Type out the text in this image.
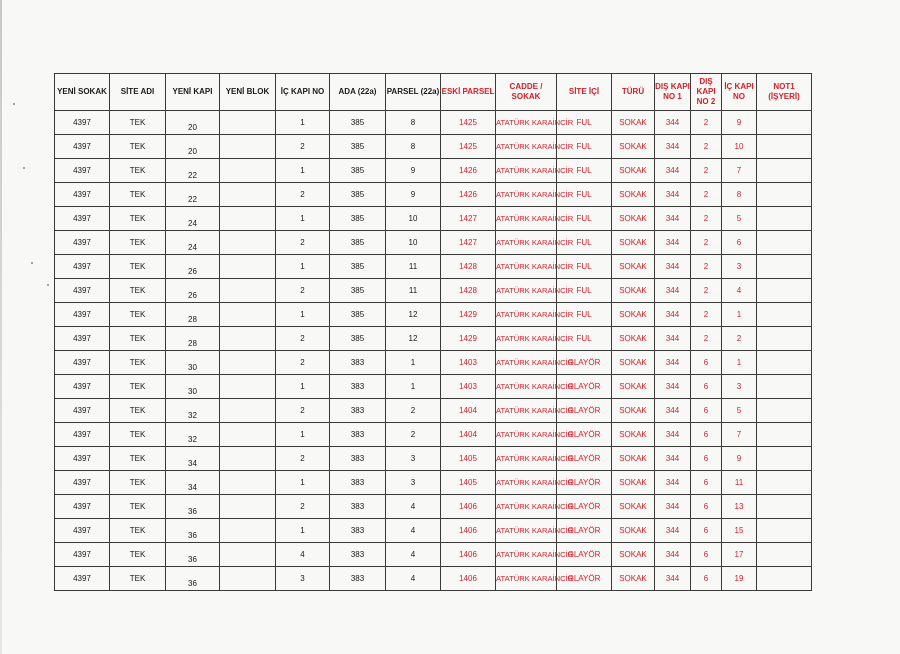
YENİ SOKAK	SİTE ADI	YENİ KAPI	YENİ BLOK	İÇ KAPI NO	ADA (22a)	PARSEL (22a)	ESKİ PARSEL	CADDE / SOKAK	SİTE İÇİ	TÜRÜ	DIŞ KAPI NO 1	DIŞ KAPI NO 2	İÇ KAPI NO	NOT1 (İŞYERİ)
4397	TEK	20		1	385	8	1425	ATATÜRK KARAİNCİR	FUL	SOKAK	344	2	9	
4397	TEK	20		2	385	8	1425	ATATÜRK KARAİNCİR	FUL	SOKAK	344	2	10	
4397	TEK	22		1	385	9	1426	ATATÜRK KARAİNCİR	FUL	SOKAK	344	2	7	
4397	TEK	22		2	385	9	1426	ATATÜRK KARAİNCİR	FUL	SOKAK	344	2	8	
4397	TEK	24		1	385	10	1427	ATATÜRK KARAİNCİR	FUL	SOKAK	344	2	5	
4397	TEK	24		2	385	10	1427	ATATÜRK KARAİNCİR	FUL	SOKAK	344	2	6	
4397	TEK	26		1	385	11	1428	ATATÜRK KARAİNCİR	FUL	SOKAK	344	2	3	
4397	TEK	26		2	385	11	1428	ATATÜRK KARAİNCİR	FUL	SOKAK	344	2	4	
4397	TEK	28		1	385	12	1429	ATATÜRK KARAİNCİR	FUL	SOKAK	344	2	1	
4397	TEK	28		2	385	12	1429	ATATÜRK KARAİNCİR	FUL	SOKAK	344	2	2	
4397	TEK	30		2	383	1	1403	ATATÜRK KARAİNCİR	GLAYÖR	SOKAK	344	6	1	
4397	TEK	30		1	383	1	1403	ATATÜRK KARAİNCİR	GLAYÖR	SOKAK	344	6	3	
4397	TEK	32		2	383	2	1404	ATATÜRK KARAİNCİR	GLAYÖR	SOKAK	344	6	5	
4397	TEK	32		1	383	2	1404	ATATÜRK KARAİNCİR	GLAYÖR	SOKAK	344	6	7	
4397	TEK	34		2	383	3	1405	ATATÜRK KARAİNCİR	GLAYÖR	SOKAK	344	6	9	
4397	TEK	34		1	383	3	1405	ATATÜRK KARAİNCİR	GLAYÖR	SOKAK	344	6	11	
4397	TEK	36		2	383	4	1406	ATATÜRK KARAİNCİR	GLAYÖR	SOKAK	344	6	13	
4397	TEK	36		1	383	4	1406	ATATÜRK KARAİNCİR	GLAYÖR	SOKAK	344	6	15	
4397	TEK	36		4	383	4	1406	ATATÜRK KARAİNCİR	GLAYÖR	SOKAK	344	6	17	
4397	TEK	36		3	383	4	1406	ATATÜRK KARAİNCİR	GLAYÖR	SOKAK	344	6	19	
